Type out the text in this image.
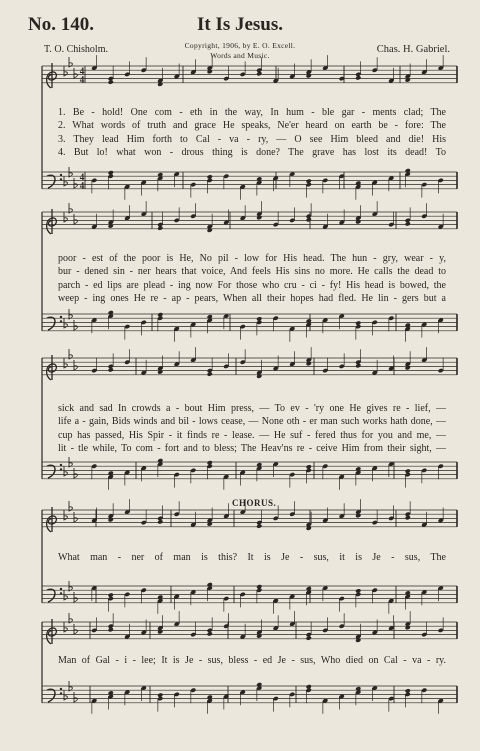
No. 140.	It Is Jesus.
T. O. Chisholm.	Copyright, 1906, by E. O. Excell.
Words and Music.
Chas. H. Gabriel.
4
4
4
4
1. Be - hold! One com - eth in the way, In hum - ble gar - ments clad; The
2. What words of truth and grace He speaks, Ne'er heard on earth be - fore: The
3. They lead Him forth to Cal - va - ry, — O see Him bleed and die! His
4. But lo! what won - drous thing is done? The grave has lost its dead! To
poor - est of the poor is He, No pil - low for His head. The hun - gry, wear - y,
bur - dened sin - ner hears that voice, And feels His sins no more. He calls the dead to
parch - ed lips are plead - ing now For those who cru - ci - fy! His head is bowed, the
weep - ing ones He re - ap - pears, When all their hopes had fled. He lin - gers but a
sick and sad In crowds a - bout Him press, — To ev - 'ry one He gives re - lief, —
life a - gain, Bids winds and bil - lows cease, — None oth - er man such works hath done, —
cup has passed, His Spir - it finds re - lease. — He suf - fered thus for you and me, —
lit - tle while, To com - fort and to bless; The Heav'ns re - ceive Him from their sight, —
CHORUS.
What man - ner of man is this? It is Je - sus, it is Je - sus, The
Man of Gal - i - lee; It is Je - sus, bless - ed Je - sus, Who died on Cal - va - ry.
